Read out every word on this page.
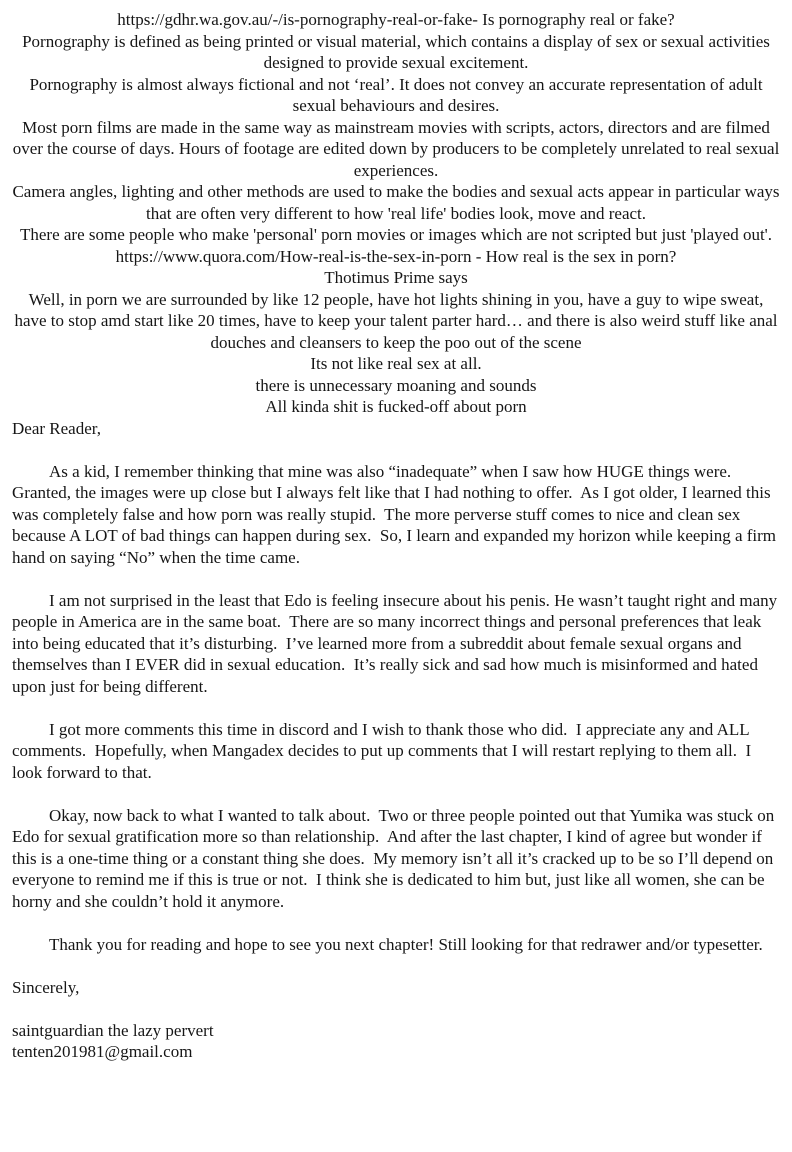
https://gdhr.wa.gov.au/-/is-pornography-real-or-fake- Is pornography real or fake?

Pornography is defined as being printed or visual material, which contains a display of sex or sexual activities designed to provide sexual excitement.

Pornography is almost always fictional and not ‘real’. It does not convey an accurate representation of adult sexual behaviours and desires.

Most porn films are made in the same way as mainstream movies with scripts, actors, directors and are filmed over the course of days. Hours of footage are edited down by producers to be completely unrelated to real sexual experiences.

Camera angles, lighting and other methods are used to make the bodies and sexual acts appear in particular ways that are often very different to how 'real life' bodies look, move and react.

There are some people who make 'personal' porn movies or images which are not scripted but just 'played out'.

https://www.quora.com/How-real-is-the-sex-in-porn - How real is the sex in porn?

Thotimus Prime says

Well, in porn we are surrounded by like 12 people, have hot lights shining in you, have a guy to wipe sweat, have to stop amd start like 20 times, have to keep your talent parter hard… and there is also weird stuff like anal douches and cleansers to keep the poo out of the scene

Its not like real sex at all.

there is unnecessary moaning and sounds

All kinda shit is fucked-off about porn

Dear Reader,

As a kid, I remember thinking that mine was also “inadequate” when I saw how HUGE things were.  Granted, the images were up close but I always felt like that I had nothing to offer.  As I got older, I learned this was completely false and how porn was really stupid.  The more perverse stuff comes to nice and clean sex because A LOT of bad things can happen during sex.  So, I learn and expanded my horizon while keeping a firm hand on saying “No” when the time came.

I am not surprised in the least that Edo is feeling insecure about his penis. He wasn’t taught right and many people in America are in the same boat.  There are so many incorrect things and personal preferences that leak into being educated that it’s disturbing.  I’ve learned more from a subreddit about female sexual organs and themselves than I EVER did in sexual education.  It’s really sick and sad how much is misinformed and hated upon just for being different.

I got more comments this time in discord and I wish to thank those who did.  I appreciate any and ALL comments.  Hopefully, when Mangadex decides to put up comments that I will restart replying to them all.  I look forward to that.

Okay, now back to what I wanted to talk about.  Two or three people pointed out that Yumika was stuck on Edo for sexual gratification more so than relationship.  And after the last chapter, I kind of agree but wonder if this is a one-time thing or a constant thing she does.  My memory isn’t all it’s cracked up to be so I’ll depend on everyone to remind me if this is true or not.  I think she is dedicated to him but, just like all women, she can be horny and she couldn’t hold it anymore.

Thank you for reading and hope to see you next chapter! Still looking for that redrawer and/or typesetter.

Sincerely,

saintguardian the lazy pervert

tenten201981@gmail.com
